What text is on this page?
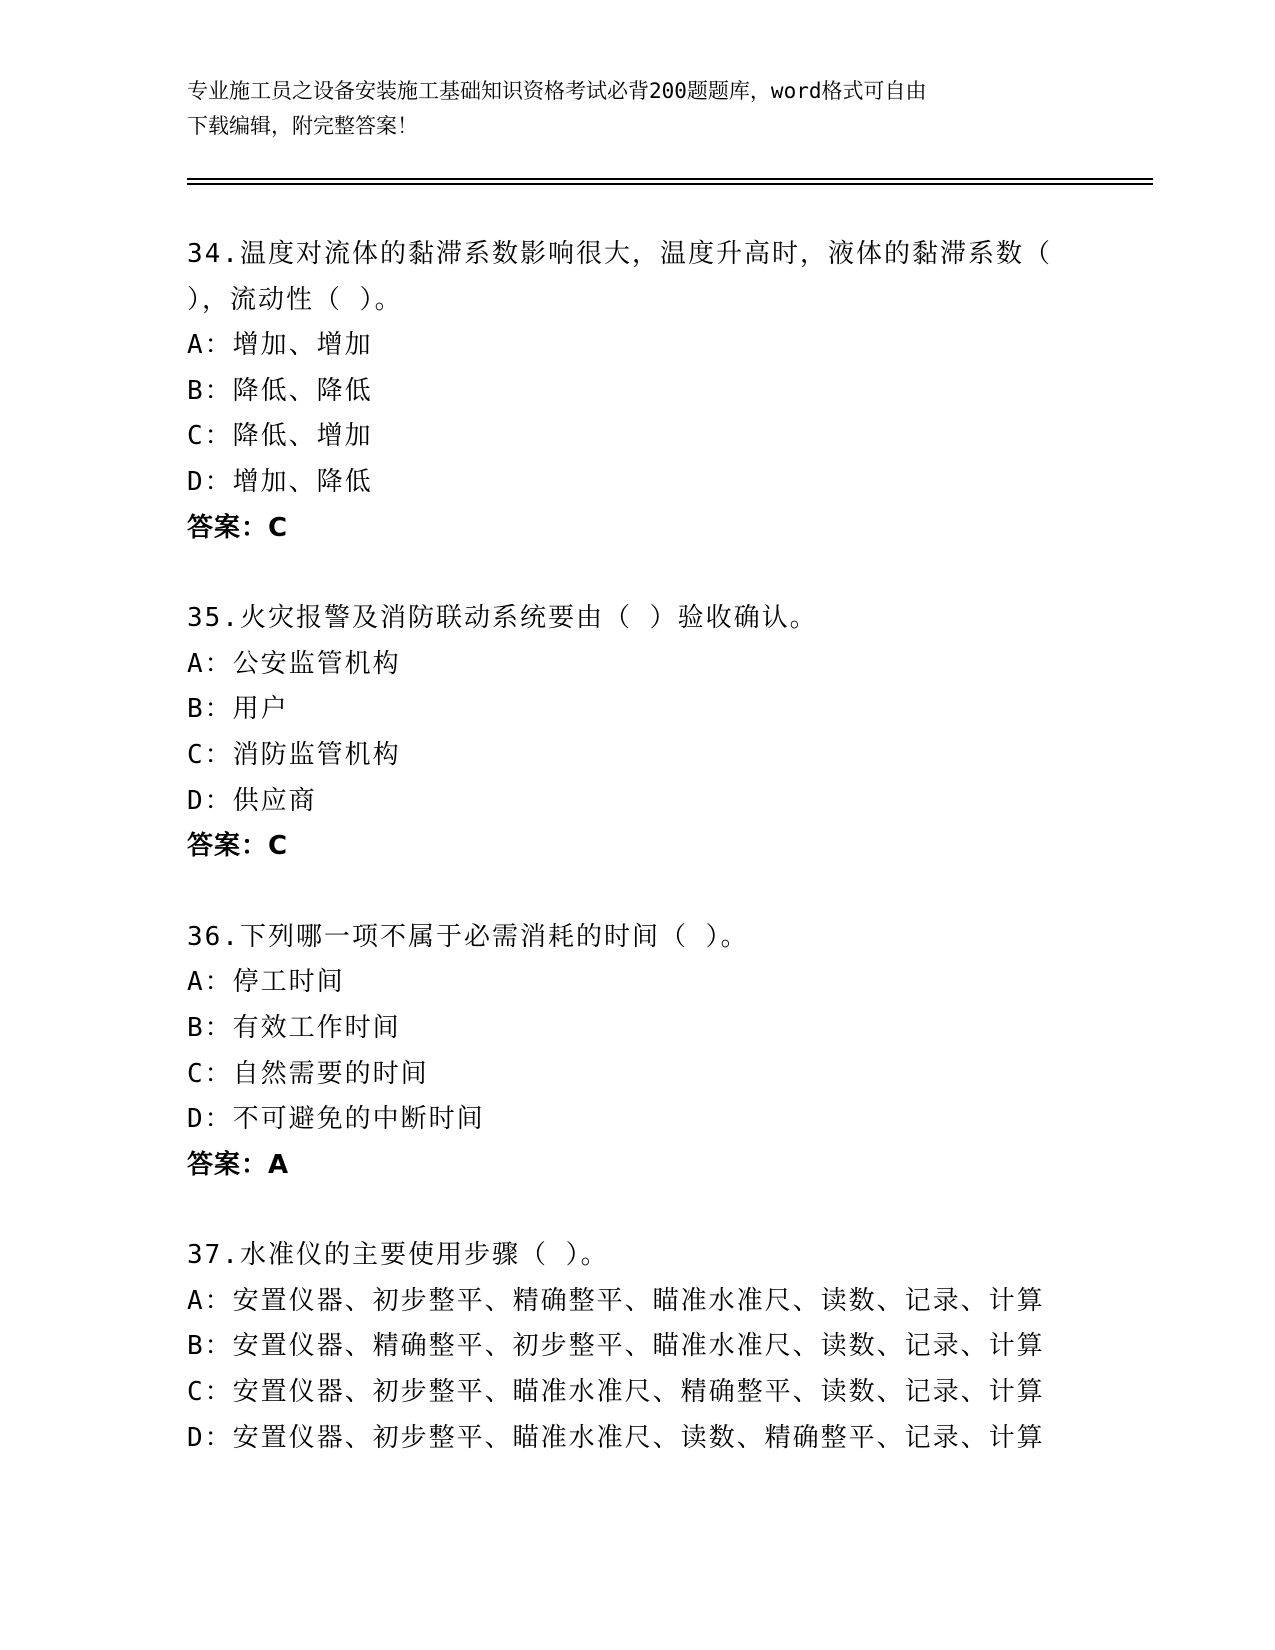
专业施工员之设备安装施工基础知识资格考试必背200题题库，word格式可自由
下载编辑，附完整答案！
34.温度对流体的黏滞系数影响很大，温度升高时，液体的黏滞系数（
），流动性（ ）。
A：增加、增加
B：降低、降低
C：降低、增加
D：增加、降低
答案：C
35.火灾报警及消防联动系统要由（ ）验收确认。
A：公安监管机构
B：用户
C：消防监管机构
D：供应商
答案：C
36.下列哪一项不属于必需消耗的时间（ ）。
A：停工时间
B：有效工作时间
C：自然需要的时间
D：不可避免的中断时间
答案：A
37.水准仪的主要使用步骤（ ）。
A：安置仪器、初步整平、精确整平、瞄准水准尺、读数、记录、计算
B：安置仪器、精确整平、初步整平、瞄准水准尺、读数、记录、计算
C：安置仪器、初步整平、瞄准水准尺、精确整平、读数、记录、计算
D：安置仪器、初步整平、瞄准水准尺、读数、精确整平、记录、计算
